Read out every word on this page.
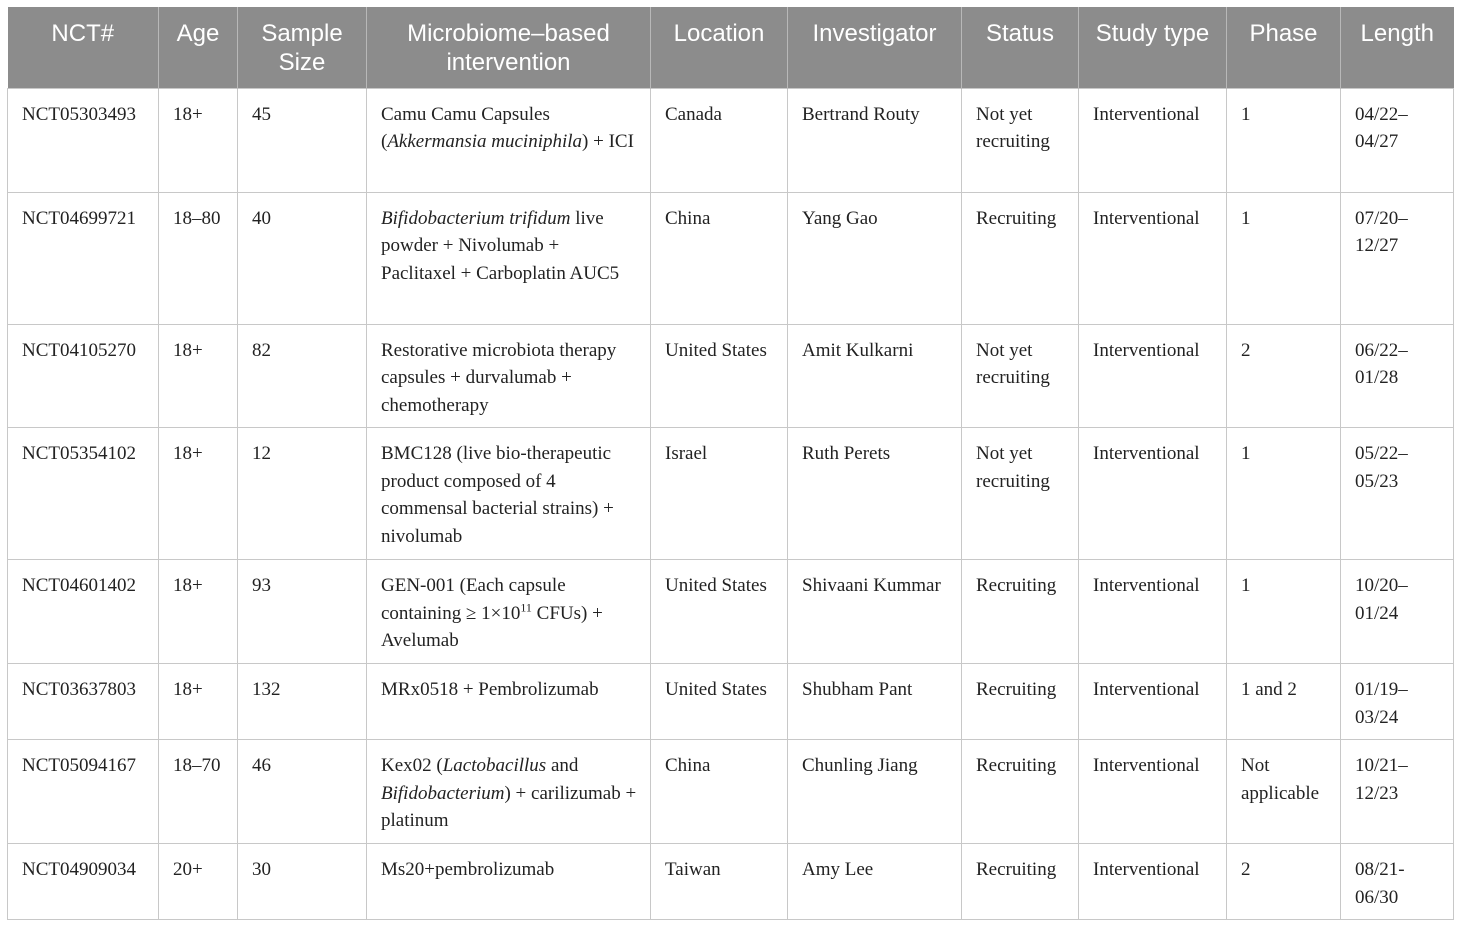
NCT#	Age	Sample Size	Microbiome–based intervention	Location	Investigator	Status	Study type	Phase	Length
NCT05303493	18+	45	Camu Camu Capsules (Akkermansia muciniphila) + ICI	Canada	Bertrand Routy	Not yet recruiting	Interventional	1	04/22–04/27
NCT04699721	18–80	40	Bifidobacterium trifidum live powder + Nivolumab + Paclitaxel + Carboplatin AUC5	China	Yang Gao	Recruiting	Interventional	1	07/20–12/27
NCT04105270	18+	82	Restorative microbiota therapy capsules + durvalumab + chemotherapy	United States	Amit Kulkarni	Not yet recruiting	Interventional	2	06/22–01/28
NCT05354102	18+	12	BMC128 (live bio-therapeutic product composed of 4 commensal bacterial strains) + nivolumab	Israel	Ruth Perets	Not yet recruiting	Interventional	1	05/22–05/23
NCT04601402	18+	93	GEN-001 (Each capsule containing ≥ $1\times 10^{11}$ CFUs) + Avelumab	United States	Shivaani Kummar	Recruiting	Interventional	1	10/20–01/24
NCT03637803	18+	132	MRx0518 + Pembrolizumab	United States	Shubham Pant	Recruiting	Interventional	1 and 2	01/19–03/24
NCT05094167	18–70	46	Kex02 (Lactobacillus and Bifidobacterium) + carilizumab + platinum	China	Chunling Jiang	Recruiting	Interventional	Not applicable	10/21–12/23
NCT04909034	20+	30	Ms20+pembrolizumab	Taiwan	Amy Lee	Recruiting	Interventional	2	08/21-06/30
